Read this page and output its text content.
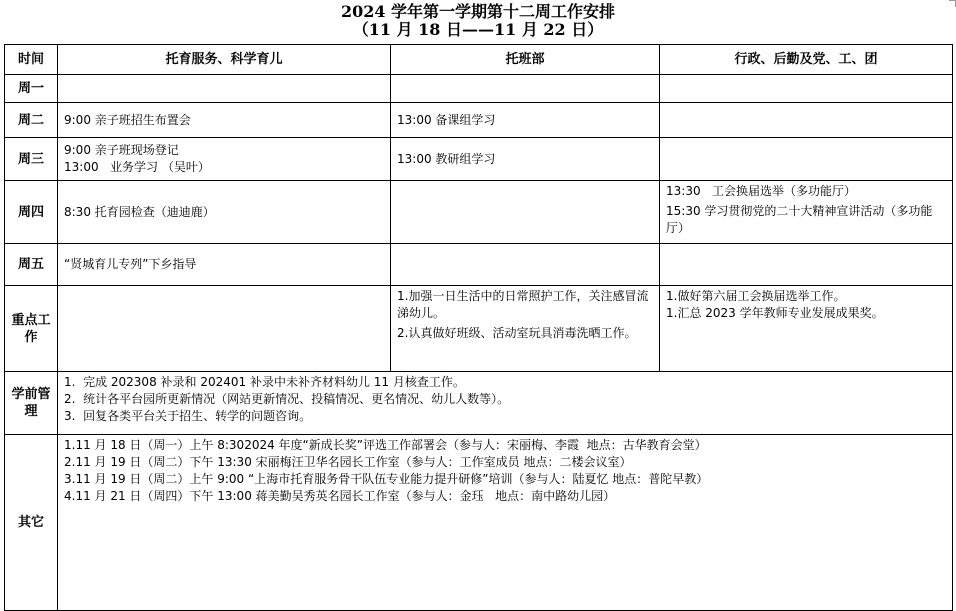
2024 学年第一学期第十二周工作安排
（11 月 18 日——11 月 22 日）
时间	托育服务、科学育儿	托班部	行政、后勤及党、工、团
周一			
周二	9:00 亲子班招生布置会	13:00 备课组学习	

周三	9:00 亲子班现场登记
13:00   业务学习 （吴叶）	13:00 教研组学习	

周四	8:30 托育园检查（迪迪鹿）		13:30   工会换届选举（多功能厅）
15:30 学习贯彻党的二十大精神宣讲活动（多功能厅）

周五	“贤城育儿专列”下乡指导		

重点工作		1.加强一日生活中的日常照护工作，关注感冒流涕幼儿。
2.认真做好班级、活动室玩具消毒洗晒工作。	1.做好第六届工会换届选举工作。
1.汇总 2023 学年教师专业发展成果奖。

学前管理	1.  完成 202308 补录和 202401 补录中未补齐材料幼儿 11 月核查工作。
2.  统计各平台园所更新情况（网站更新情况、投稿情况、更名情况、幼儿人数等）。
3.  回复各类平台关于招生、转学的问题咨询。		

其它	1.11 月 18 日（周一）上午 8:302024 年度“新成长奖”评选工作部署会（参与人：宋丽梅、李霞  地点：古华教育会堂）
2.11 月 19 日（周二）下午 13:30 宋丽梅汪卫华名园长工作室（参与人：工作室成员 地点：二楼会议室）
3.11 月 19 日（周二）上午 9:00 “上海市托育服务骨干队伍专业能力提升研修”培训（参与人：陆夏忆 地点：普陀早教）
4.11 月 21 日（周四）下午 13:00 蒋美勤吴秀英名园长工作室（参与人：金珏   地点：南中路幼儿园）		
